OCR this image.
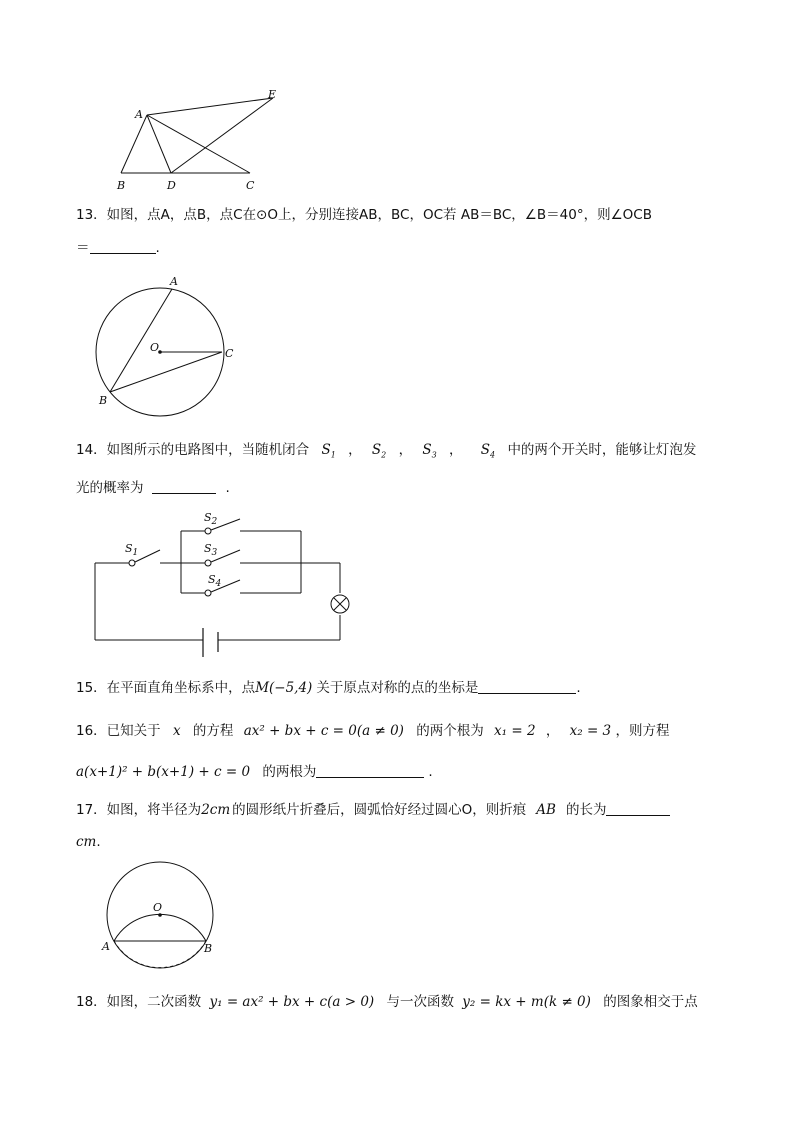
A
E
B	D	C
13．如图，点A，点B，点C在⊙O上，分别连接AB，BC，OC若 AB＝BC，∠B＝40°，则∠OCB
＝	.
A
O	C
B
14．如图所示的电路图中，当随机闭合 $S_1$ ， $S_2$ ， $S_3$ ， $S_4$ 中的两个开关时，能够让灯泡发
光的概率为	.
$S_2$
$S_3$
$S_4$
$S_1$
15．在平面直角坐标系中，点M(−5,4) 关于原点对称的点的坐标是	.
16．已知关于 x 的方程 ax² + bx + c = 0(a ≠ 0) 的两个根为 x₁ = 2 ， x₂ = 3 ，则方程
a(x+1)² + b(x+1) + c = 0 的两根为	.
17．如图，将半径为2cm 的圆形纸片折叠后，圆弧恰好经过圆心O，则折痕 AB 的长为
cm.
O
A	B
18．如图，二次函数 y₁ = ax² + bx + c(a > 0) 与一次函数 y₂ = kx + m(k ≠ 0) 的图象相交于点
